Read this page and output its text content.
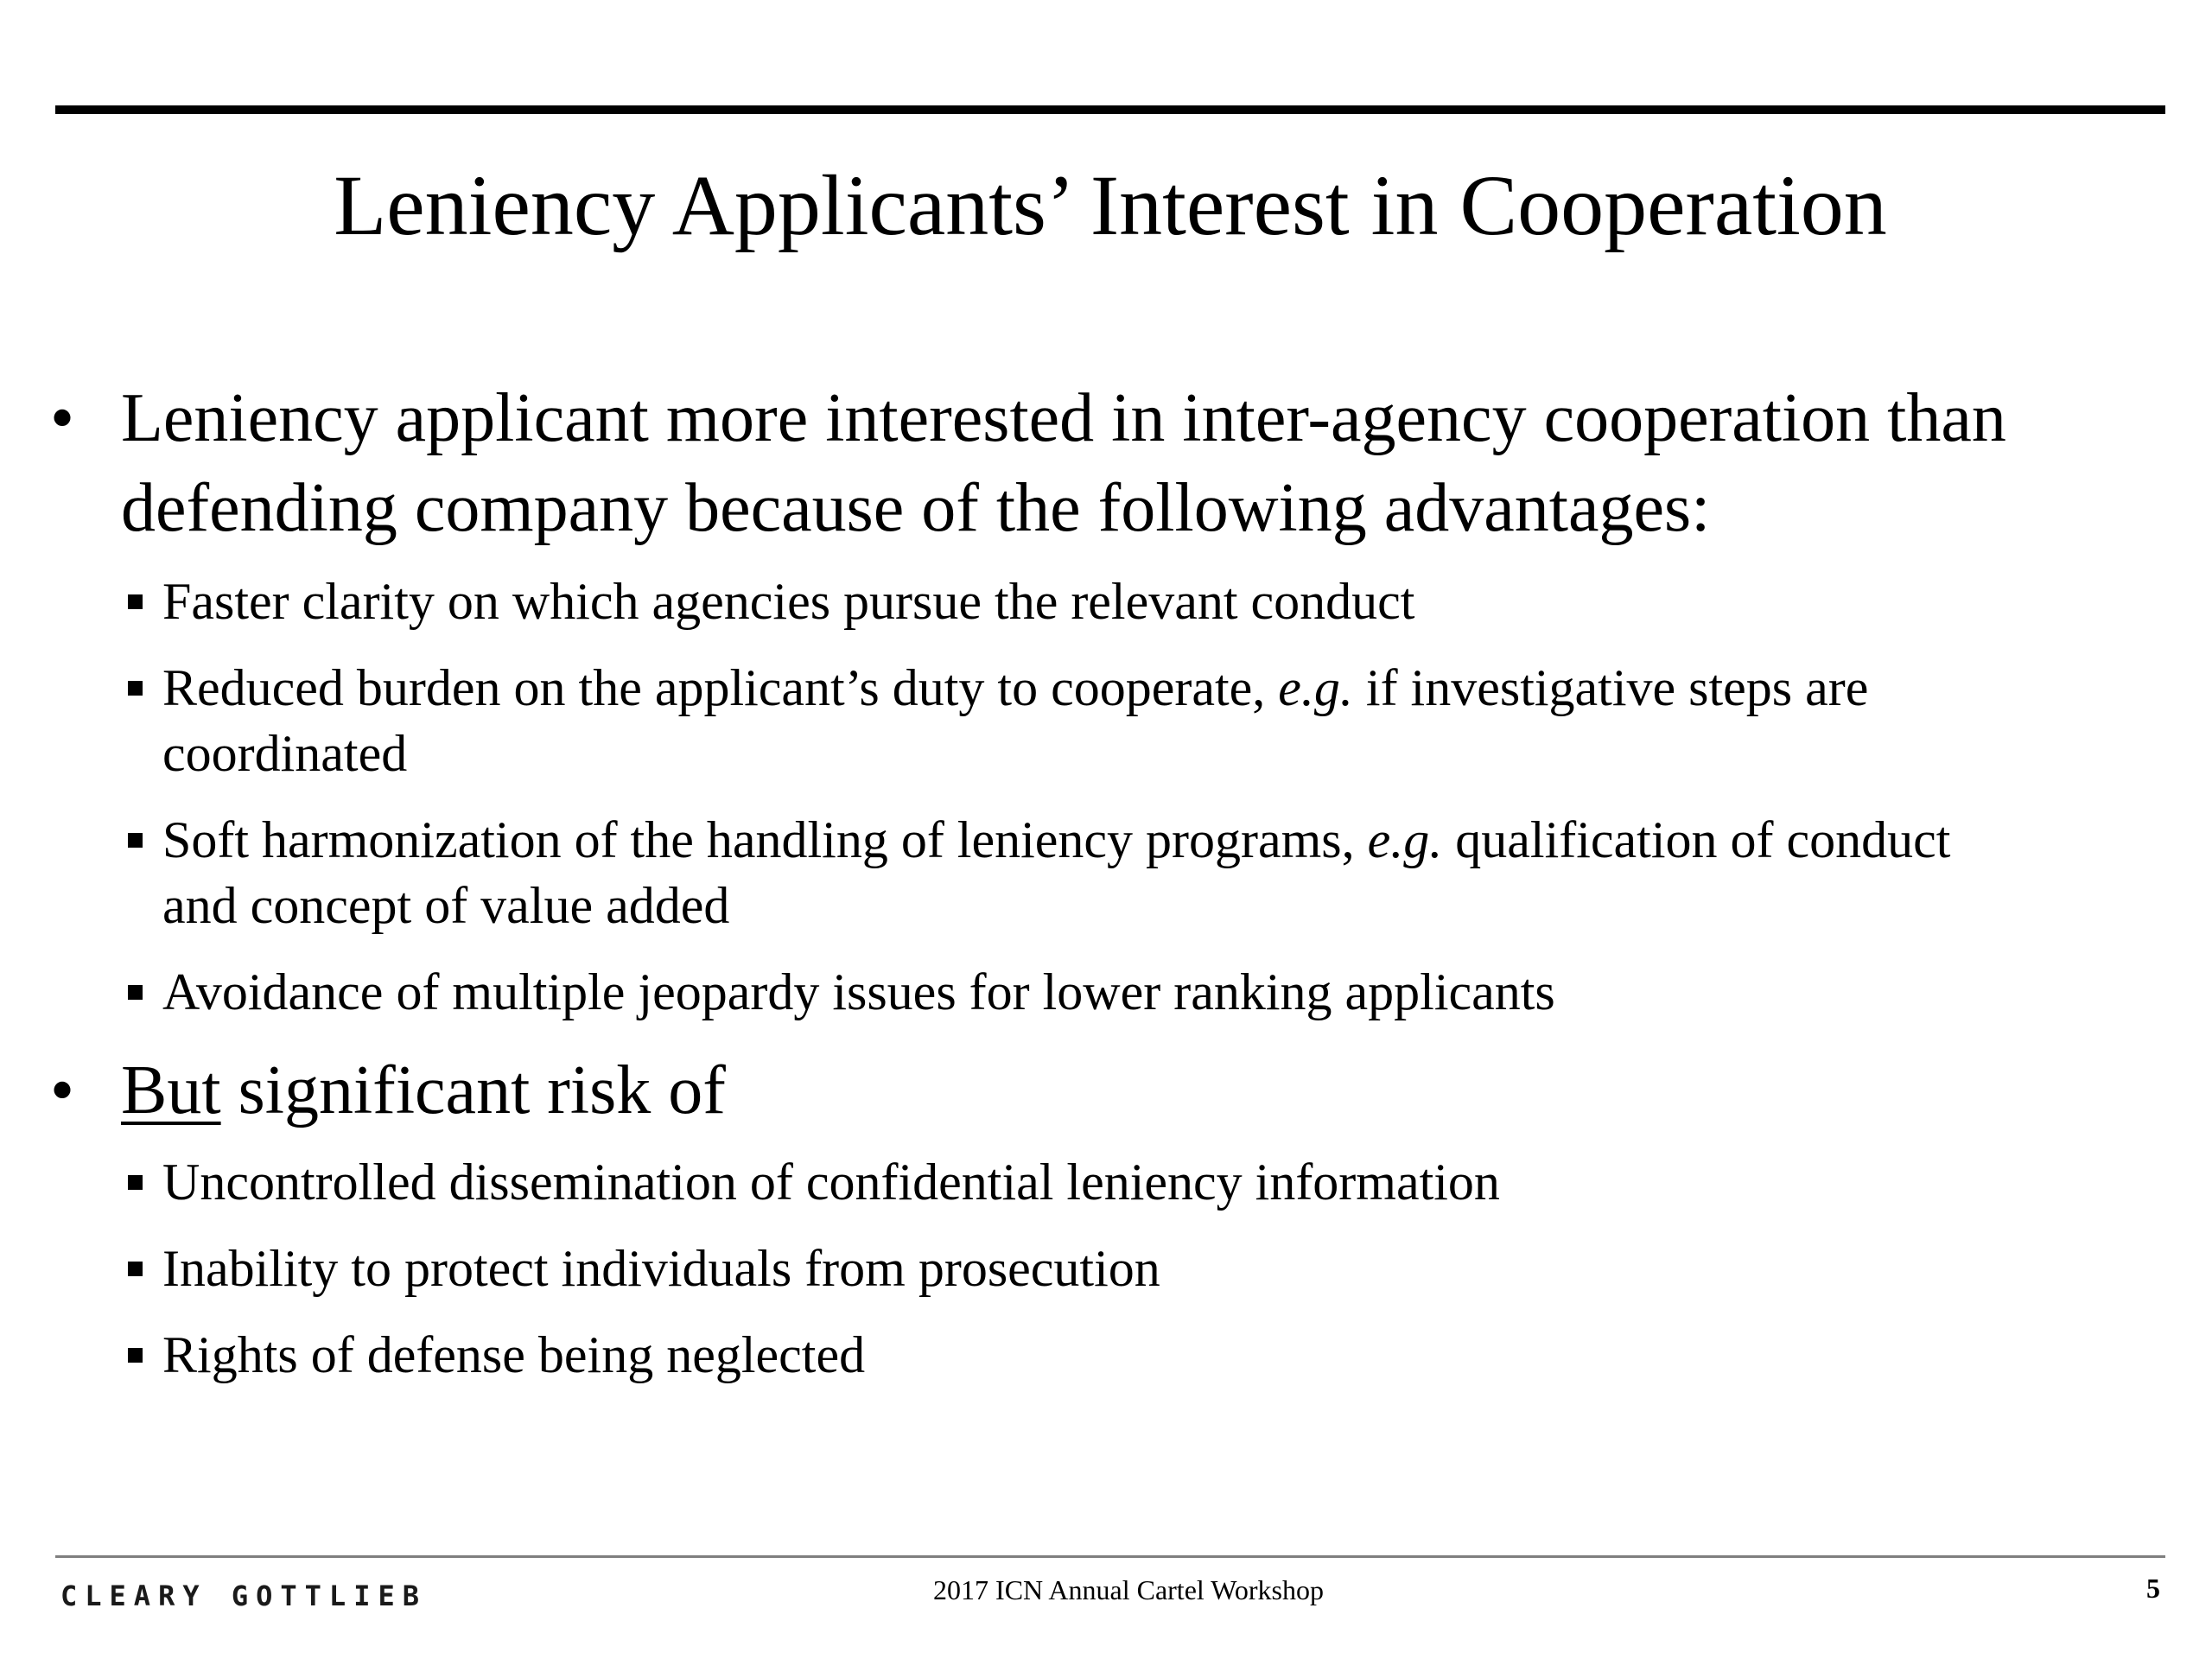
Leniency Applicants’ Interest in Cooperation

• Leniency applicant more interested in inter-agency cooperation than
defending company because of the following advantages:

Faster clarity on which agencies pursue the relevant conduct

Reduced burden on the applicant’s duty to cooperate, e.g. if investigative steps are
coordinated

Soft harmonization of the handling of leniency programs, e.g. qualification of conduct
and concept of value added

Avoidance of multiple jeopardy issues for lower ranking applicants

• But significant risk of

Uncontrolled dissemination of confidential leniency information

Inability to protect individuals from prosecution

Rights of defense being neglected

CLEARY GOTTLIEB	2017 ICN Annual Cartel Workshop	5
